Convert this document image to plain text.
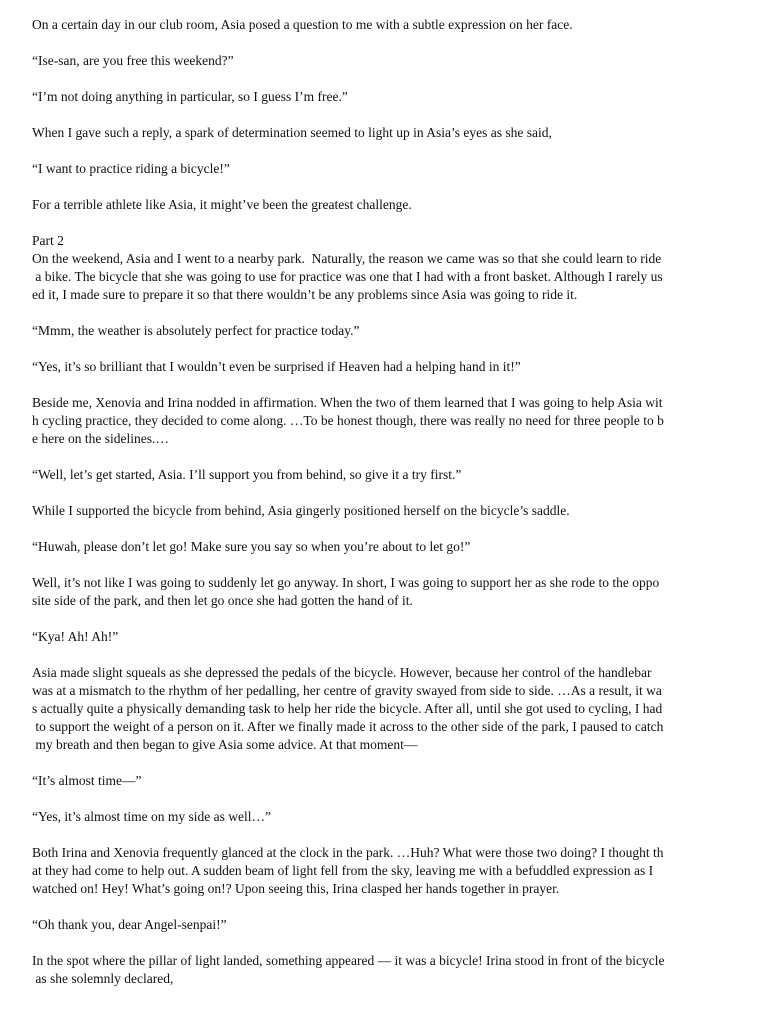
On a certain day in our club room, Asia posed a question to me with a subtle expression on her face.

“Ise-san, are you free this weekend?”

“I’m not doing anything in particular, so I guess I’m free.”

When I gave such a reply, a spark of determination seemed to light up in Asia’s eyes as she said,

“I want to practice riding a bicycle!”

For a terrible athlete like Asia, it might’ve been the greatest challenge.

Part 2

On the weekend, Asia and I went to a nearby park.  Naturally, the reason we came was so that she could learn to ride
a bike. The bicycle that she was going to use for practice was one that I had with a front basket. Although I rarely us
ed it, I made sure to prepare it so that there wouldn’t be any problems since Asia was going to ride it.

“Mmm, the weather is absolutely perfect for practice today.”

“Yes, it’s so brilliant that I wouldn’t even be surprised if Heaven had a helping hand in it!”

Beside me, Xenovia and Irina nodded in affirmation. When the two of them learned that I was going to help Asia wit
h cycling practice, they decided to come along. …To be honest though, there was really no need for three people to b
e here on the sidelines.…

“Well, let’s get started, Asia. I’ll support you from behind, so give it a try first.”

While I supported the bicycle from behind, Asia gingerly positioned herself on the bicycle’s saddle.

“Huwah, please don’t let go! Make sure you say so when you’re about to let go!”

Well, it’s not like I was going to suddenly let go anyway. In short, I was going to support her as she rode to the oppo
site side of the park, and then let go once she had gotten the hand of it.

“Kya! Ah! Ah!”

Asia made slight squeals as she depressed the pedals of the bicycle. However, because her control of the handlebar
was at a mismatch to the rhythm of her pedalling, her centre of gravity swayed from side to side. …As a result, it wa
s actually quite a physically demanding task to help her ride the bicycle. After all, until she got used to cycling, I had
to support the weight of a person on it. After we finally made it across to the other side of the park, I paused to catch
my breath and then began to give Asia some advice. At that moment—

“It’s almost time—”

“Yes, it’s almost time on my side as well…”

Both Irina and Xenovia frequently glanced at the clock in the park. …Huh? What were those two doing? I thought th
at they had come to help out. A sudden beam of light fell from the sky, leaving me with a befuddled expression as I
watched on! Hey! What’s going on!? Upon seeing this, Irina clasped her hands together in prayer.

“Oh thank you, dear Angel-senpai!”

In the spot where the pillar of light landed, something appeared — it was a bicycle! Irina stood in front of the bicycle
as she solemnly declared,
